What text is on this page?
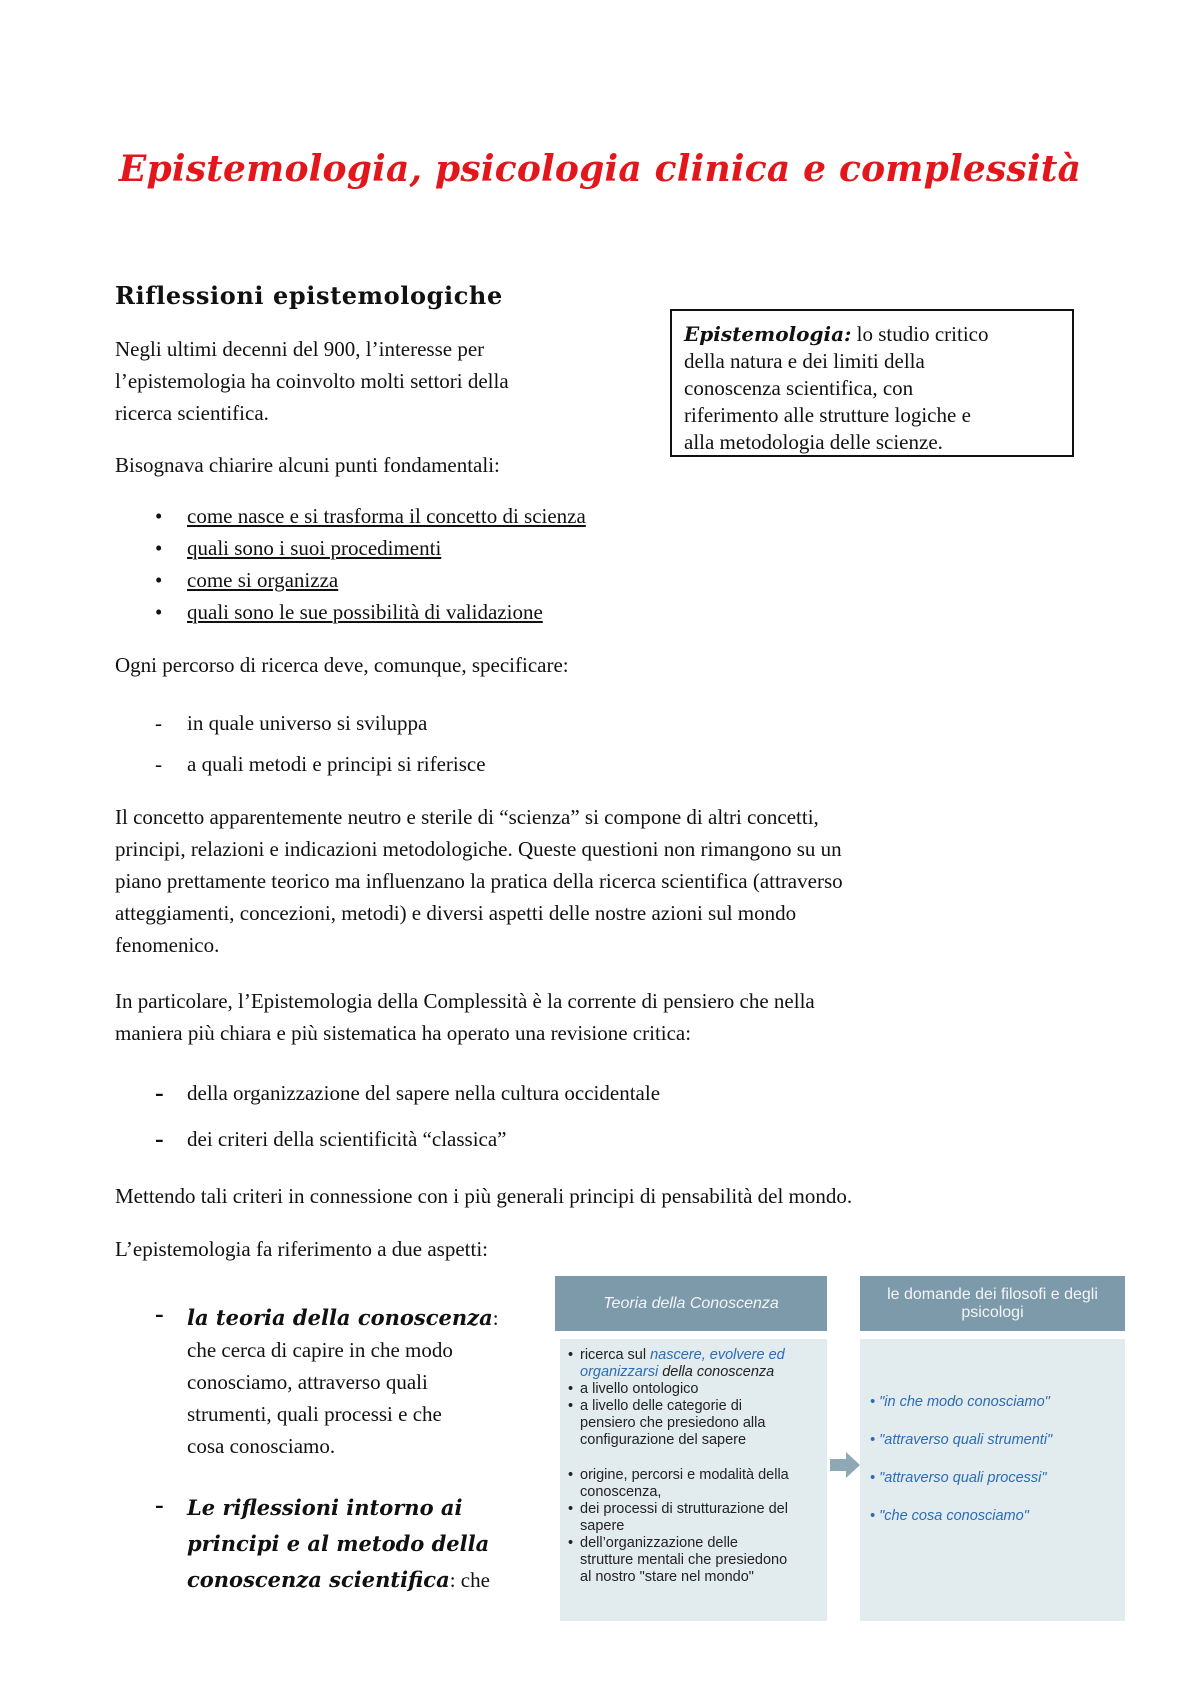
Epistemologia, psicologia clinica e complessità
Riflessioni epistemologiche
Negli ultimi decenni del 900, l’interesse per
l’epistemologia ha coinvolto molti settori della
ricerca scientifica.
Epistemologia: lo studio critico
della natura e dei limiti della
conoscenza scientifica, con
riferimento alle strutture logiche e
alla metodologia delle scienze.
Bisognava chiarire alcuni punti fondamentali:
• come nasce e si trasforma il concetto di scienza
• quali sono i suoi procedimenti
• come si organizza
• quali sono le sue possibilità di validazione
Ogni percorso di ricerca deve, comunque, specificare:
- in quale universo si sviluppa
- a quali metodi e principi si riferisce
Il concetto apparentemente neutro e sterile di “scienza” si compone di altri concetti,
principi, relazioni e indicazioni metodologiche. Queste questioni non rimangono su un
piano prettamente teorico ma influenzano la pratica della ricerca scientifica (attraverso
atteggiamenti, concezioni, metodi) e diversi aspetti delle nostre azioni sul mondo
fenomenico.
In particolare, l’Epistemologia della Complessità è la corrente di pensiero che nella
maniera più chiara e più sistematica ha operato una revisione critica:
- della organizzazione del sapere nella cultura occidentale
- dei criteri della scientificità “classica”
Mettendo tali criteri in connessione con i più generali principi di pensabilità del mondo.
L’epistemologia fa riferimento a due aspetti:
-	la teoria della conoscenza:
che cerca di capire in che modo
conosciamo, attraverso quali
strumenti, quali processi e che
cosa conosciamo.
-	Le riflessioni intorno ai
principi e al metodo della
conoscenza scientifica: che
Teoria della Conoscenza
le domande dei filosofi e degli
psicologi
• ricerca sul nascere, evolvere ed
organizzarsi della conoscenza
• a livello ontologico
• a livello delle categorie di
pensiero che presiedono alla
configurazione del sapere
• origine, percorsi e modalità della
conoscenza,
• dei processi di strutturazione del
sapere
• dell’organizzazione delle
strutture mentali che presiedono
al nostro "stare nel mondo"
• "in che modo conosciamo"
• "attraverso quali strumenti"
• "attraverso quali processi"
• "che cosa conosciamo"
